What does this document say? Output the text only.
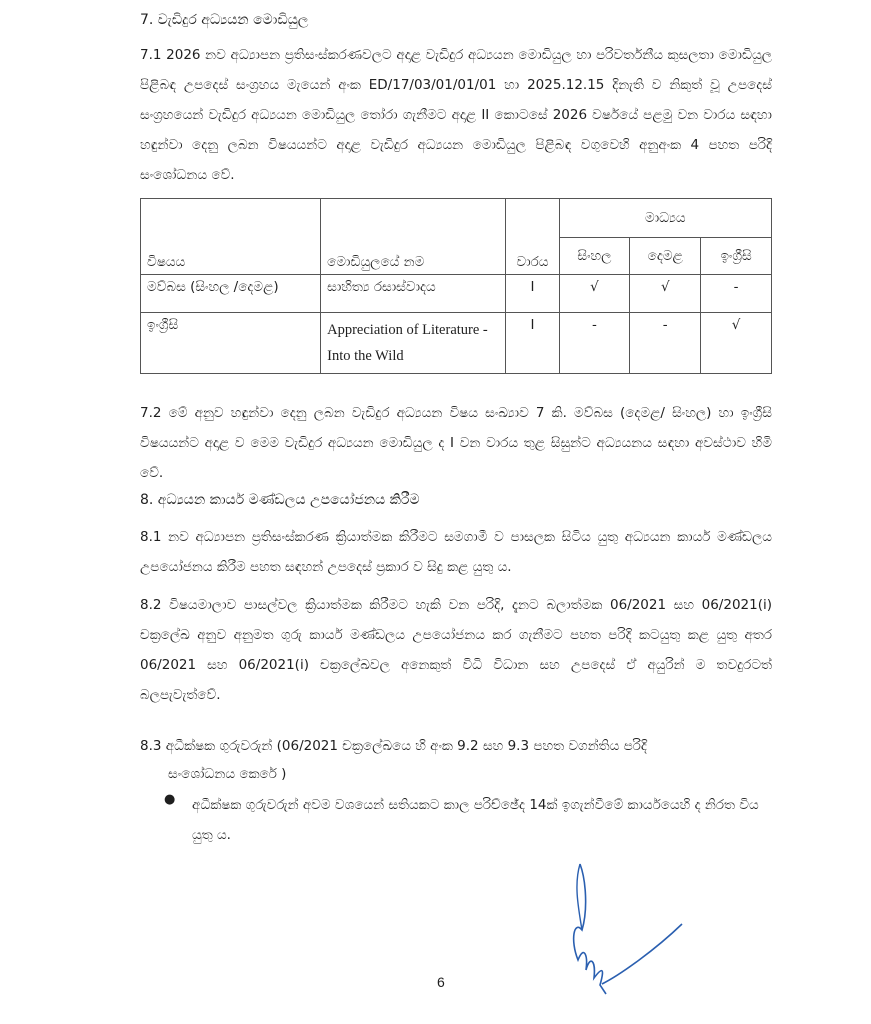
7. වැඩිදුර අධ්‍යයන මොඩියුල
7.1 2026 නව අධ්‍යාපන ප්‍රතිසංස්කරණවලට අදාළ වැඩිදුර අධ්‍යයන මොඩියුල හා පරිවර්තනීය කුසලතා මොඩියුල පිළිබඳ උපදෙස් සංග්‍රහය මැයෙන් අංක ED/17/03/01/01/01 හා 2025.12.15 දිනැති ව නිකුත් වූ උපදෙස් සංග්‍රහයෙන් වැඩිදුර අධ්‍යයන මොඩියුල තෝරා ගැනීමට අදාළ II කොටසේ 2026 වර්ෂයේ පළමු වන වාරය සඳහා හඳුන්වා දෙනු ලබන විෂයයන්ට අදාළ වැඩිදුර අධ්‍යයන මොඩියුල පිළිබඳ වගුවෙහි අනුඅංක 4 පහත පරිදි සංශෝධනය වේ.
විෂයය	මොඩියුලයේ නම	වාරය	මාධ්‍යය		
			සිංහල	දෙමළ	ඉංග්‍රීසි
මව්බස (සිංහල /දෙමළ)	සාහිත්‍ය රසාස්වාදය	I	√	√	-
ඉංග්‍රීසි	Appreciation of Literature - Into the Wild	I	-	-	√
7.2 මේ අනුව හඳුන්වා දෙනු ලබන වැඩිදුර අධ්‍යයන විෂය සංඛ්‍යාව 7 කි. මව්බස (දෙමළ/ සිංහල) හා ඉංග්‍රීසි විෂයයන්ට අදාළ ව මෙම වැඩිදුර අධ්‍යයන මොඩියුල ද I වන වාරය තුළ සිසුන්ට අධ්‍යයනය සඳහා අවස්ථාව හිමි වේ.
8. අධ්‍යයන කාර්ය මණ්ඩලය උපයෝජනය කිරීම
8.1 නව අධ්‍යාපන ප්‍රතිසංස්කරණ ක්‍රියාත්මක කිරීමට සමගාමී ව පාසලක සිටිය යුතු අධ්‍යයන කාර්ය මණ්ඩලය උපයෝජනය කිරීම පහත සඳහන් උපදෙස් ප්‍රකාර ව සිදු කළ යුතු ය.
8.2 විෂයමාලාව පාසල්වල ක්‍රියාත්මක කිරීමට හැකි වන පරිදි, දැනට බලාත්මක 06/2021 සහ 06/2021(i) චක්‍රලේඛ අනුව අනුමත ගුරු කාර්ය මණ්ඩලය උපයෝජනය කර ගැනීමට පහත පරිදි කටයුතු කළ යුතු අතර 06/2021 සහ 06/2021(i) චක්‍රලේඛවල අනෙකුත් විධි විධාන සහ උපදෙස් ඒ අයුරින් ම තවදුරටත් බලපැවැත්වේ.
8.3 අධීක්ෂක ගුරුවරුන් (06/2021 චක්‍රලේඛයෙ හි අංක 9.2 සහ 9.3 පහත වගන්තිය පරිදි
සංශෝධනය කෙරේ )
● අධීක්ෂක ගුරුවරුන් අවම වශයෙන් සතියකට කාල පරිච්ඡේද 14ක් ඉගැන්වීමේ කාර්යයෙහි ද නිරත විය යුතු ය.
6
